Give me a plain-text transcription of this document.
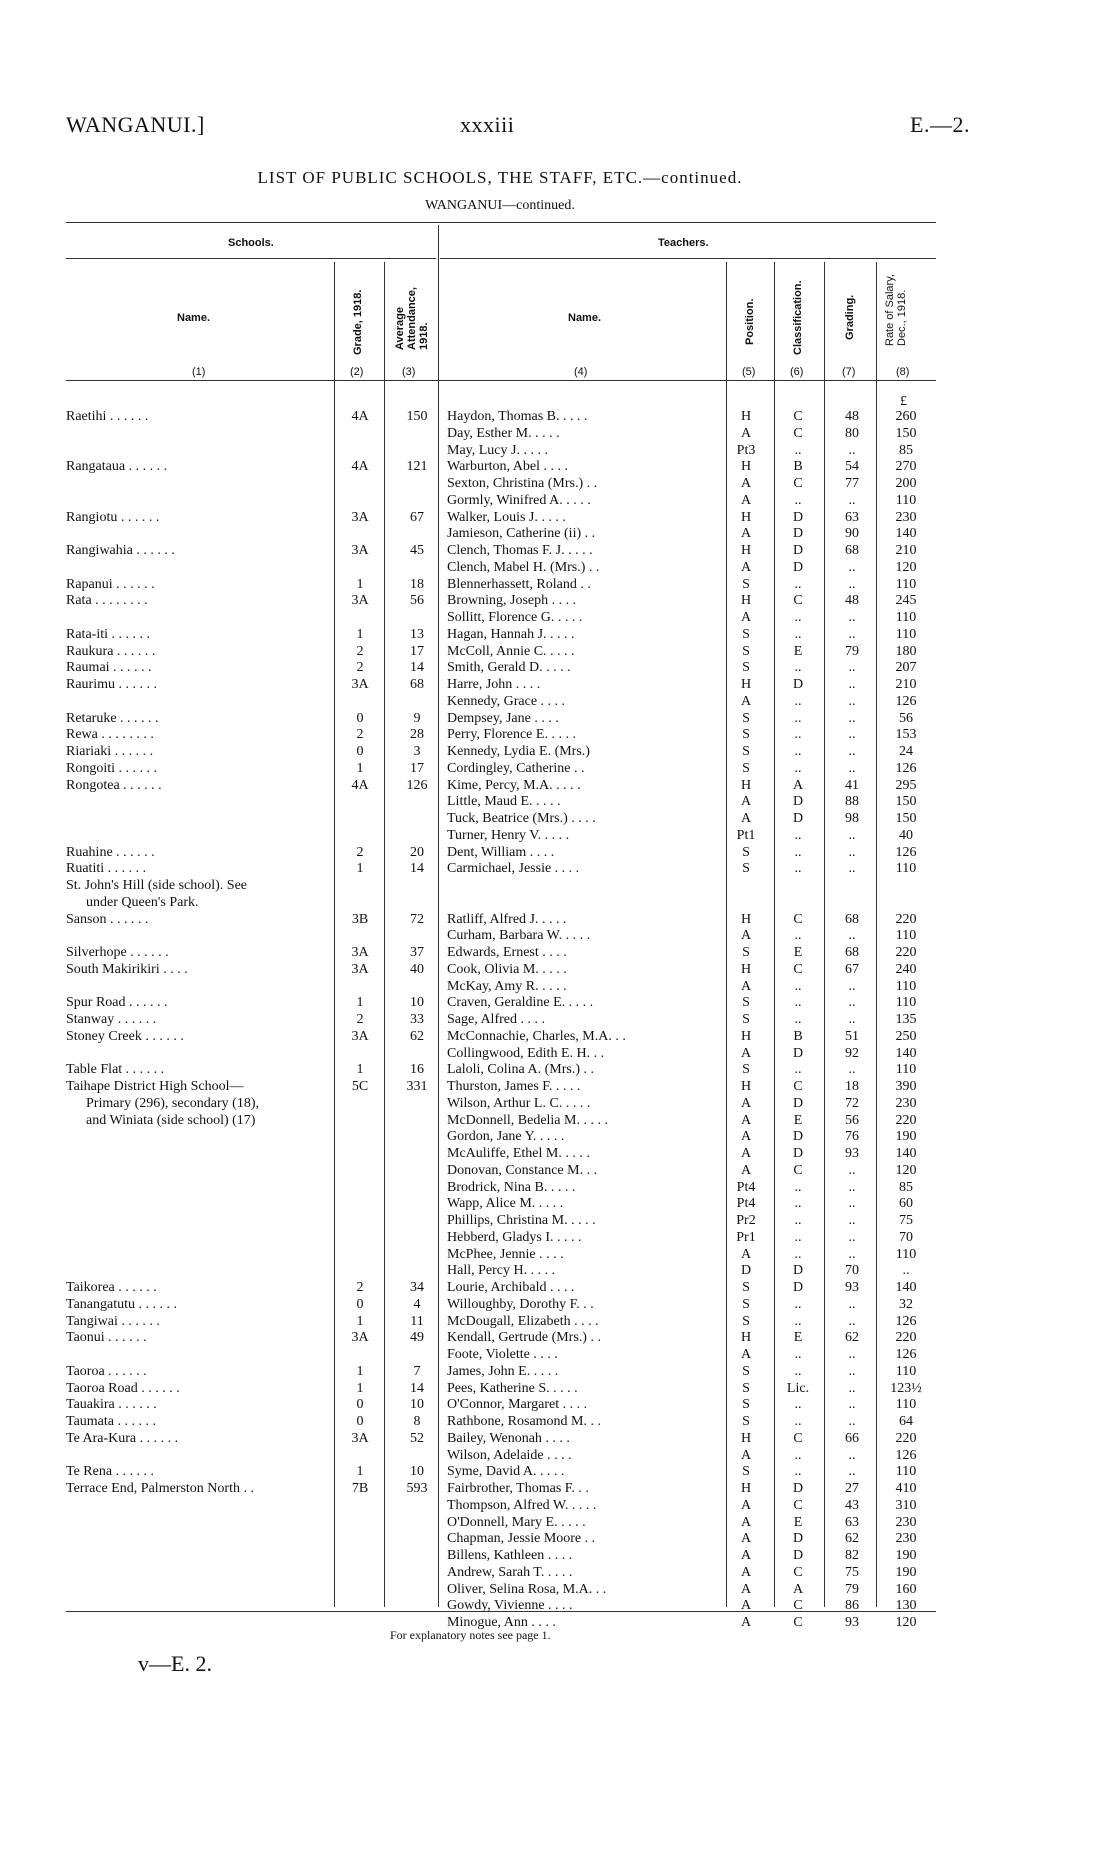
WANGANUI.]	xxxiii	E.—2.
LIST OF PUBLIC SCHOOLS, THE STAFF, ETC.—continued.
WANGANUI—continued.
Schools.	Teachers.
Name.	Name.
Grade, 1918.	Average Attendance, 1918.	Position.	Classification.	Grading.	Rate of Salary, Dec., 1918.
(1)	(2)	(3)	(4)	(5)	(6)	(7)	(8)
£
Raetihi . . . . . .	4A	150	Haydon, Thomas B. . . . .	H	C	48	260
Day, Esther M. . . . .	A	C	80	150
May, Lucy J. . . . .	Pt3	..	..	85
Rangataua . . . . . .	4A	121	Warburton, Abel . . . .	H	B	54	270
Sexton, Christina (Mrs.) . .	A	C	77	200
Gormly, Winifred A. . . . .	A	..	..	110
Rangiotu . . . . . .	3A	67	Walker, Louis J. . . . .	H	D	63	230
Jamieson, Catherine (ii) . .	A	D	90	140
Rangiwahia . . . . . .	3A	45	Clench, Thomas F. J. . . . .	H	D	68	210
Clench, Mabel H. (Mrs.) . .	A	D	..	120
Rapanui . . . . . .	1	18	Blennerhassett, Roland . .	S	..	..	110
Rata . . . . . . . .	3A	56	Browning, Joseph . . . .	H	C	48	245
Sollitt, Florence G. . . . .	A	..	..	110
Rata-iti . . . . . .	1	13	Hagan, Hannah J. . . . .	S	..	..	110
Raukura . . . . . .	2	17	McColl, Annie C. . . . .	S	E	79	180
Raumai . . . . . .	2	14	Smith, Gerald D. . . . .	S	..	..	207
Raurimu . . . . . .	3A	68	Harre, John . . . .	H	D	..	210
Kennedy, Grace . . . .	A	..	..	126
Retaruke . . . . . .	0	9	Dempsey, Jane . . . .	S	..	..	56
Rewa . . . . . . . .	2	28	Perry, Florence E. . . . .	S	..	..	153
Riariaki . . . . . .	0	3	Kennedy, Lydia E. (Mrs.)	S	..	..	24
Rongoiti . . . . . .	1	17	Cordingley, Catherine . .	S	..	..	126
Rongotea . . . . . .	4A	126	Kime, Percy, M.A. . . . .	H	A	41	295
Little, Maud E. . . . .	A	D	88	150
Tuck, Beatrice (Mrs.) . . . .	A	D	98	150
Turner, Henry V. . . . .	Pt1	..	..	40
Ruahine . . . . . .	2	20	Dent, William . . . .	S	..	..	126
Ruatiti . . . . . .	1	14	Carmichael, Jessie . . . .	S	..	..	110
St. John's Hill (side school). See
under Queen's Park.
Sanson . . . . . .	3B	72	Ratliff, Alfred J. . . . .	H	C	68	220
Curham, Barbara W. . . . .	A	..	..	110
Silverhope . . . . . .	3A	37	Edwards, Ernest . . . .	S	E	68	220
South Makirikiri . . . .	3A	40	Cook, Olivia M. . . . .	H	C	67	240
McKay, Amy R. . . . .	A	..	..	110
Spur Road . . . . . .	1	10	Craven, Geraldine E. . . . .	S	..	..	110
Stanway . . . . . .	2	33	Sage, Alfred . . . .	S	..	..	135
Stoney Creek . . . . . .	3A	62	McConnachie, Charles, M.A. . .	H	B	51	250
Collingwood, Edith E. H. . .	A	D	92	140
Table Flat . . . . . .	1	16	Laloli, Colina A. (Mrs.) . .	S	..	..	110
Taihape District High School—	5C	331	Thurston, James F. . . . .	H	C	18	390
Primary (296), secondary (18),	Wilson, Arthur L. C. . . . .	A	D	72	230
and Winiata (side school) (17)	McDonnell, Bedelia M. . . . .	A	E	56	220
Gordon, Jane Y. . . . .	A	D	76	190
McAuliffe, Ethel M. . . . .	A	D	93	140
Donovan, Constance M. . .	A	C	..	120
Brodrick, Nina B. . . . .	Pt4	..	..	85
Wapp, Alice M. . . . .	Pt4	..	..	60
Phillips, Christina M. . . . .	Pr2	..	..	75
Hebberd, Gladys I. . . . .	Pr1	..	..	70
McPhee, Jennie . . . .	A	..	..	110
Hall, Percy H. . . . .	D	D	70	..
Taikorea . . . . . .	2	34	Lourie, Archibald . . . .	S	D	93	140
Tanangatutu . . . . . .	0	4	Willoughby, Dorothy F. . .	S	..	..	32
Tangiwai . . . . . .	1	11	McDougall, Elizabeth . . . .	S	..	..	126
Taonui . . . . . .	3A	49	Kendall, Gertrude (Mrs.) . .	H	E	62	220
Foote, Violette . . . .	A	..	..	126
Taoroa . . . . . .	1	7	James, John E. . . . .	S	..	..	110
Taoroa Road . . . . . .	1	14	Pees, Katherine S. . . . .	S	Lic.	..	123½
Tauakira . . . . . .	0	10	O'Connor, Margaret . . . .	S	..	..	110
Taumata . . . . . .	0	8	Rathbone, Rosamond M. . .	S	..	..	64
Te Ara-Kura . . . . . .	3A	52	Bailey, Wenonah . . . .	H	C	66	220
Wilson, Adelaide . . . .	A	..	..	126
Te Rena . . . . . .	1	10	Syme, David A. . . . .	S	..	..	110
Terrace End, Palmerston North . .	7B	593	Fairbrother, Thomas F. . .	H	D	27	410
Thompson, Alfred W. . . . .	A	C	43	310
O'Donnell, Mary E. . . . .	A	E	63	230
Chapman, Jessie Moore . .	A	D	62	230
Billens, Kathleen . . . .	A	D	82	190
Andrew, Sarah T. . . . .	A	C	75	190
Oliver, Selina Rosa, M.A. . .	A	A	79	160
Gowdy, Vivienne . . . .	A	C	86	130
Minogue, Ann . . . .	A	C	93	120
For explanatory notes see page 1.
v—E. 2.
